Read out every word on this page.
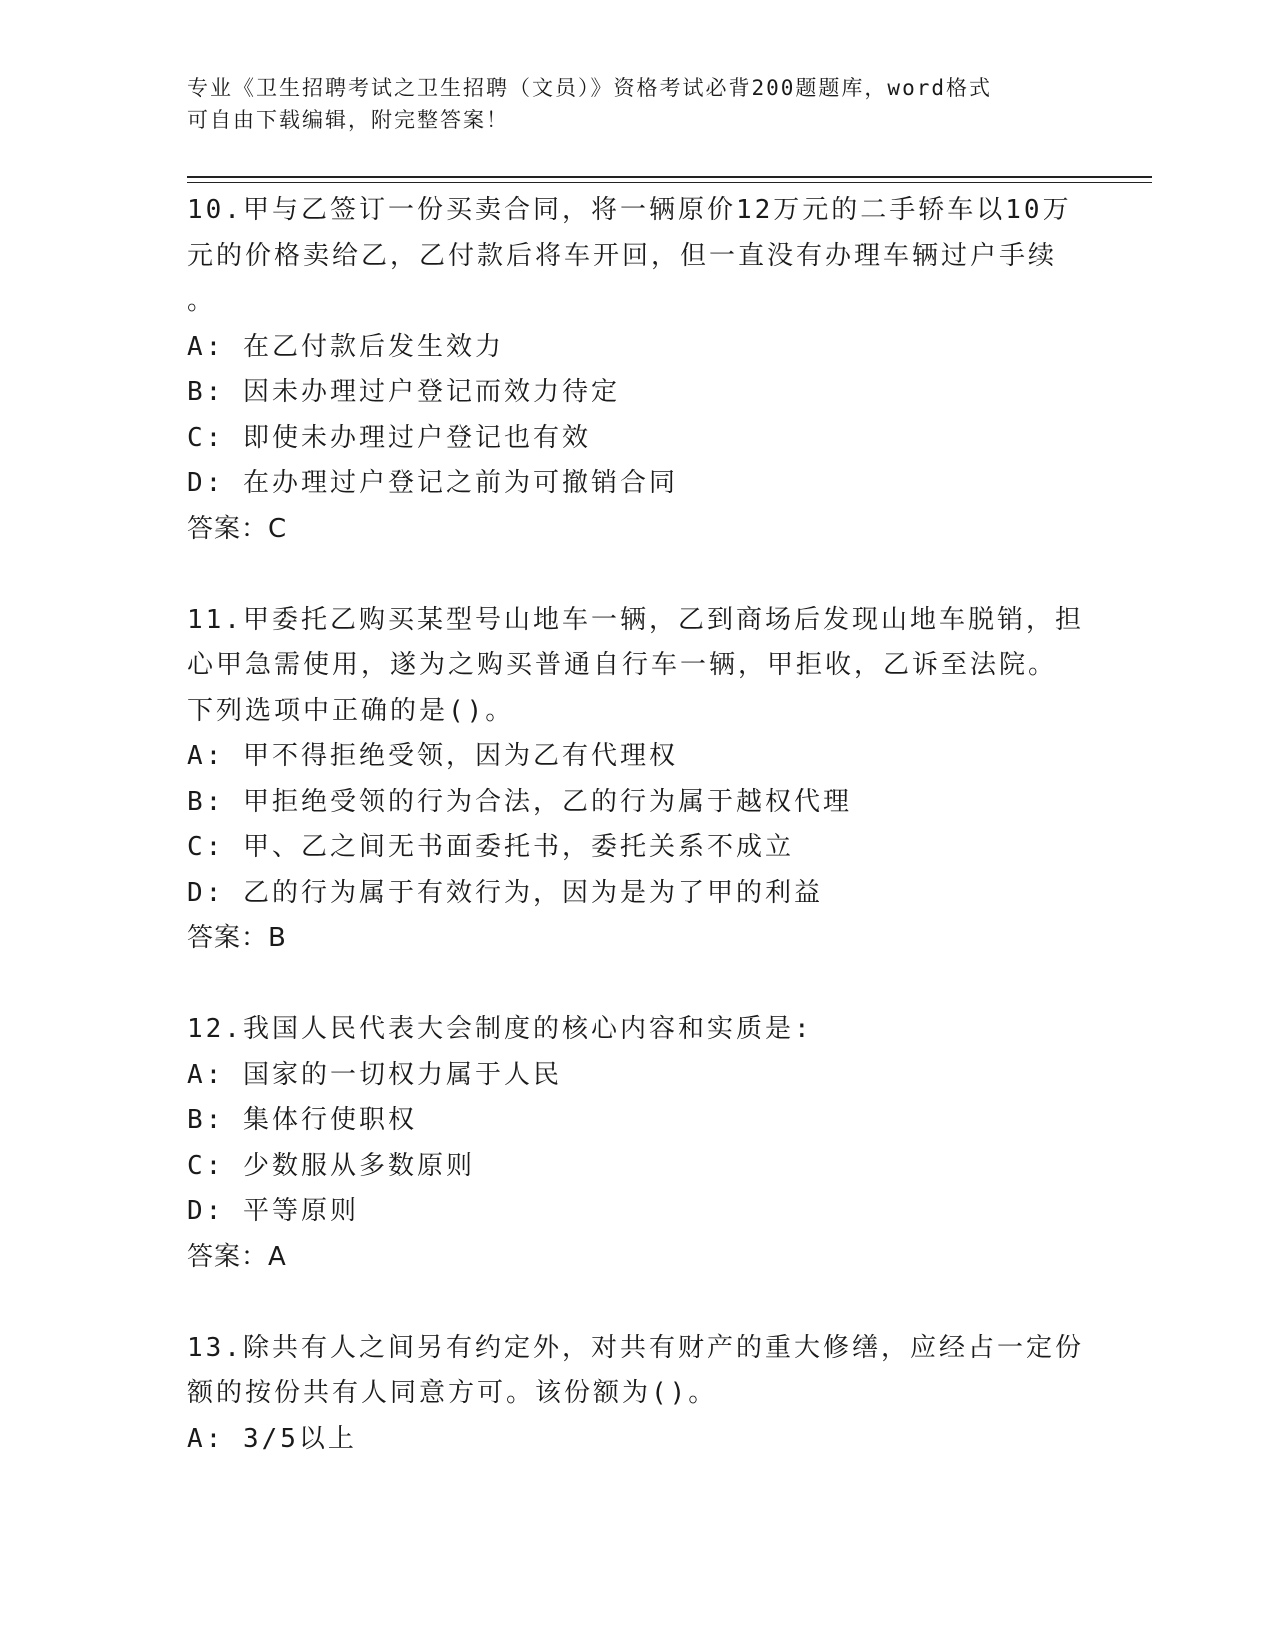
专业《卫生招聘考试之卫生招聘（文员）》资格考试必背200题题库，word格式
可自由下载编辑，附完整答案！

10.甲与乙签订一份买卖合同，将一辆原价12万元的二手轿车以10万

元的价格卖给乙，乙付款后将车开回，但一直没有办理车辆过户手续

。

A:
在乙付款后发生效力
B:
因未办理过户登记而效力待定
C:
即使未办理过户登记也有效
D:
在办理过户登记之前为可撤销合同

答案：C

11.甲委托乙购买某型号山地车一辆，乙到商场后发现山地车脱销，担

心甲急需使用，遂为之购买普通自行车一辆，甲拒收，乙诉至法院。

下列选项中正确的是()。

A:
甲不得拒绝受领，因为乙有代理权
B:
甲拒绝受领的行为合法，乙的行为属于越权代理
C:
甲、乙之间无书面委托书，委托关系不成立
D:
乙的行为属于有效行为，因为是为了甲的利益

答案：B

12.我国人民代表大会制度的核心内容和实质是:

A:
国家的一切权力属于人民
B:
集体行使职权
C:
少数服从多数原则
D:
平等原则

答案：A

13.除共有人之间另有约定外，对共有财产的重大修缮，应经占一定份

额的按份共有人同意方可。该份额为()。

A:
3/5以上
